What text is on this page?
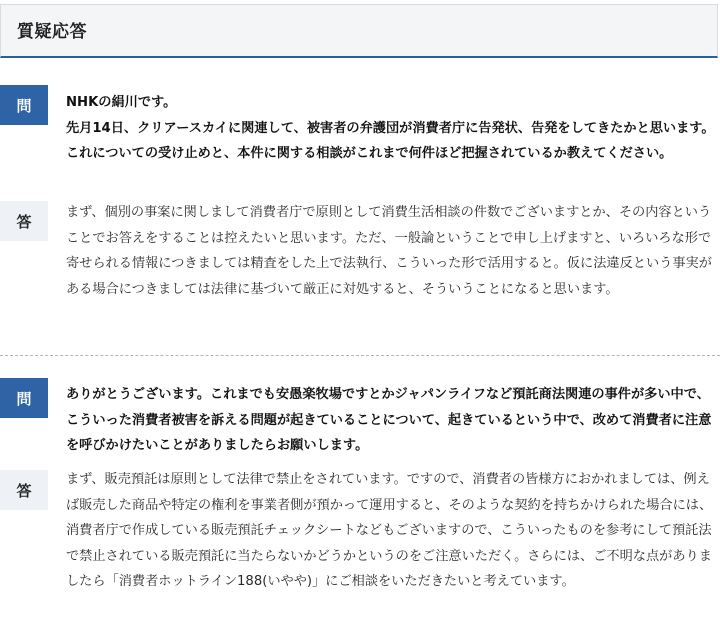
質疑応答
問	NHKの絹川です。
先月14日、クリアースカイに関連して、被害者の弁護団が消費者庁に告発状、告発をしてきたかと思います。これについての受け止めと、本件に関する相談がこれまで何件ほど把握されているか教えてください。
答	まず、個別の事案に関しまして消費者庁で原則として消費生活相談の件数でございますとか、その内容ということでお答えをすることは控えたいと思います。ただ、一般論ということで申し上げますと、いろいろな形で寄せられる情報につきましては精査をした上で法執行、こういった形で活用すると。仮に法違反という事実がある場合につきましては法律に基づいて厳正に対処すると、そういうことになると思います。
問	ありがとうございます。これまでも安愚楽牧場ですとかジャパンライフなど預託商法関連の事件が多い中で、こういった消費者被害を訴える問題が起きていることについて、起きているという中で、改めて消費者に注意を呼びかけたいことがありましたらお願いします。
答
まず、販売預託は原則として法律で禁止をされています。ですので、消費者の皆様方におかれましては、例えば販売した商品や特定の権利を事業者側が預かって運用すると、そのような契約を持ちかけられた場合には、消費者庁で作成している販売預託チェックシートなどもございますので、こういったものを参考にして預託法で禁止されている販売預託に当たらないかどうかというのをご注意いただく。さらには、ご不明な点がありましたら「消費者ホットライン188(いやや)」にご相談をいただきたいと考えています。
